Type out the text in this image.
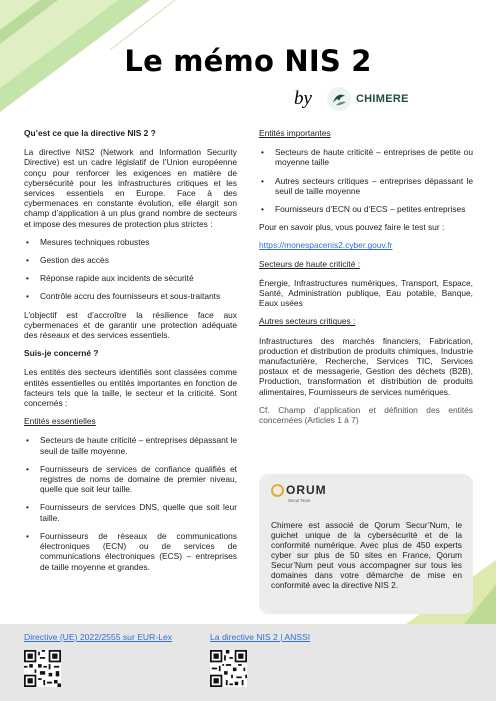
Le mémo NIS 2
by	CHIMERE

Qu’est ce que la directive NIS 2 ?

La directive NIS2 (Network and Information Security Directive) est un cadre législatif de l’Union européenne conçu pour renforcer les exigences en matière de cybersécurité pour les infrastructures critiques et les services essentiels en Europe. Face à des cybermenaces en constante évolution, elle élargit son champ d’application à un plus grand nombre de secteurs et impose des mesures de protection plus strictes :

• Mesures techniques robustes
• Gestion des accès
• Réponse rapide aux incidents de sécurité
• Contrôle accru des fournisseurs et sous-traitants

L’objectif est d’accroître la résilience face aux cybermenaces et de garantir une protection adéquate des réseaux et des services essentiels.

Suis-je concerné ?

Les entités des secteurs identifiés sont classées comme entités essentielles ou entités importantes en fonction de facteurs tels que la taille, le secteur et la criticité. Sont concernés :

Entités essentielles

• Secteurs de haute criticité – entreprises dépassant le seuil de taille moyenne.
• Fournisseurs de services de confiance qualifiés et registres de noms de domaine de premier niveau, quelle que soit leur taille.
• Fournisseurs de services DNS, quelle que soit leur taille.
• Fournisseurs de réseaux de communications électroniques (ECN) ou de services de communications électroniques (ECS) – entreprises de taille moyenne et grandes.

Entités importantes

• Secteurs de haute criticité – entreprises de petite ou moyenne taille
• Autres secteurs critiques – entreprises dépassant le seuil de taille moyenne
• Fournisseurs d’ECN ou d’ECS – petites entreprises

Pour en savoir plus, vous pouvez faire le test sur :

https://monespacenis2.cyber.gouv.fr

Secteurs de haute criticité :

Énergie, Infrastructures numériques, Transport, Espace, Santé, Administration publique, Eau potable, Banque, Eaux usées

Autres secteurs critiques :

Infrastructures des marchés financiers, Fabrication, production et distribution de produits chimiques, Industrie manufacturière, Recherche, Services TIC, Services postaux et de messagerie, Gestion des déchets (B2B), Production, transformation et distribution de produits alimentaires, Fournisseurs de services numériques.

Cf. Champ d’application et définition des entités concernées (Articles 1 à 7)

ORUM
Secur’Num
Chimere est associé de Qorum Secur’Num, le guichet unique de la cybersécurité et de la conformité numérique. Avec plus de 450 experts cyber sur plus de 50 sites en France, Qorum Secur’Num peut vous accompagner sur tous les domaines dans votre démarche de mise en conformité avec la directive NIS 2.
Directive (UE) 2022/2555 sur EUR-Lex	La directive NIS 2 | ANSSI
